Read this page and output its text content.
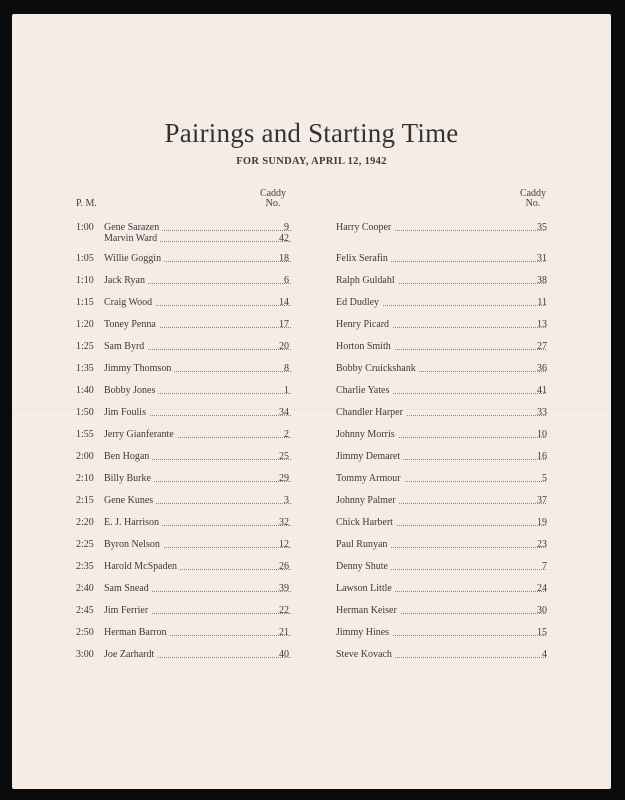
Pairings and Starting Time
FOR SUNDAY, APRIL 12, 1942
P. M.
Caddy
No.
Caddy
No.
1:00	Gene Sarazen	9	Harry Cooper	35
Marvin Ward	42
1:05	Willie Goggin	18	Felix Serafin	31
1:10	Jack Ryan	6	Ralph Guldahl	38
1:15	Craig Wood	14	Ed Dudley	11
1:20	Toney Penna	17	Henry Picard	13
1:25	Sam Byrd	20	Horton Smith	27
1:35	Jimmy Thomson	8	Bobby Cruickshank	36
1:40	Bobby Jones	1	Charlie Yates	41
1:50	Jim Foulis	34	Chandler Harper	33
1:55	Jerry Gianferante	2	Johnny Morris	10
2:00	Ben Hogan	25	Jimmy Demaret	16
2:10	Billy Burke	29	Tommy Armour	5
2:15	Gene Kunes	3	Johnny Palmer	37
2:20	E. J. Harrison	32	Chick Harbert	19
2:25	Byron Nelson	12	Paul Runyan	23
2:35	Harold McSpaden	26	Denny Shute	7
2:40	Sam Snead	39	Lawson Little	24
2:45	Jim Ferrier	22	Herman Keiser	30
2:50	Herman Barron	21	Jimmy Hines	15
3:00	Joe Zarhardt	40	Steve Kovach	4
